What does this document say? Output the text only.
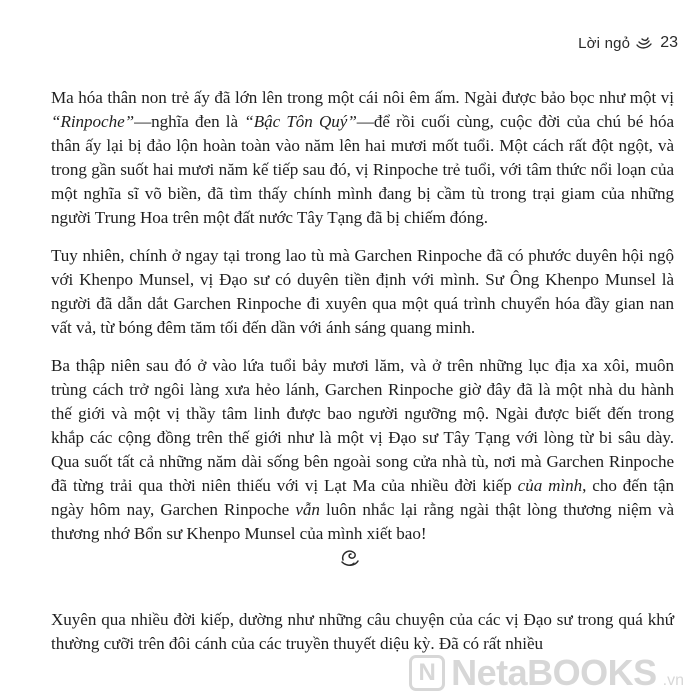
Lời ngỏ 23

Ma hóa thân non trẻ ấy đã lớn lên trong một cái nôi êm ấm. Ngài được bảo bọc như một vị “Rinpoche”—nghĩa đen là “Bậc Tôn Quý”—để rồi cuối cùng, cuộc đời của chú bé hóa thân ấy lại bị đảo lộn hoàn toàn vào năm lên hai mươi mốt tuổi. Một cách rất đột ngột, và trong gần suốt hai mươi năm kế tiếp sau đó, vị Rinpoche trẻ tuổi, với tâm thức nổi loạn của một nghĩa sĩ võ biền, đã tìm thấy chính mình đang bị cầm tù trong trại giam của những người Trung Hoa trên một đất nước Tây Tạng đã bị chiếm đóng.

Tuy nhiên, chính ở ngay tại trong lao tù mà Garchen Rinpoche đã có phước duyên hội ngộ với Khenpo Munsel, vị Đạo sư có duyên tiền định với mình. Sư Ông Khenpo Munsel là người đã dẫn dắt Garchen Rinpoche đi xuyên qua một quá trình chuyển hóa đầy gian nan vất vả, từ bóng đêm tăm tối đến dần với ánh sáng quang minh.

Ba thập niên sau đó ở vào lứa tuổi bảy mươi lăm, và ở trên những lục địa xa xôi, muôn trùng cách trở ngôi làng xưa hẻo lánh, Garchen Rinpoche giờ đây đã là một nhà du hành thế giới và một vị thầy tâm linh được bao người ngưỡng mộ. Ngài được biết đến trong khắp các cộng đồng trên thế giới như là một vị Đạo sư Tây Tạng với lòng từ bi sâu dày. Qua suốt tất cả những năm dài sống bên ngoài song cửa nhà tù, nơi mà Garchen Rinpoche đã từng trải qua thời niên thiếu với vị Lạt Ma của nhiều đời kiếp của mình, cho đến tận ngày hôm nay, Garchen Rinpoche vẫn luôn nhắc lại rằng ngài thật lòng thương niệm và thương nhớ Bổn sư Khenpo Munsel của mình xiết bao!

Xuyên qua nhiều đời kiếp, dường như những câu chuyện của các vị Đạo sư trong quá khứ thường cưỡi trên đôi cánh của các truyền thuyết diệu kỳ. Đã có rất nhiều

N NetaBOOKS .vn
